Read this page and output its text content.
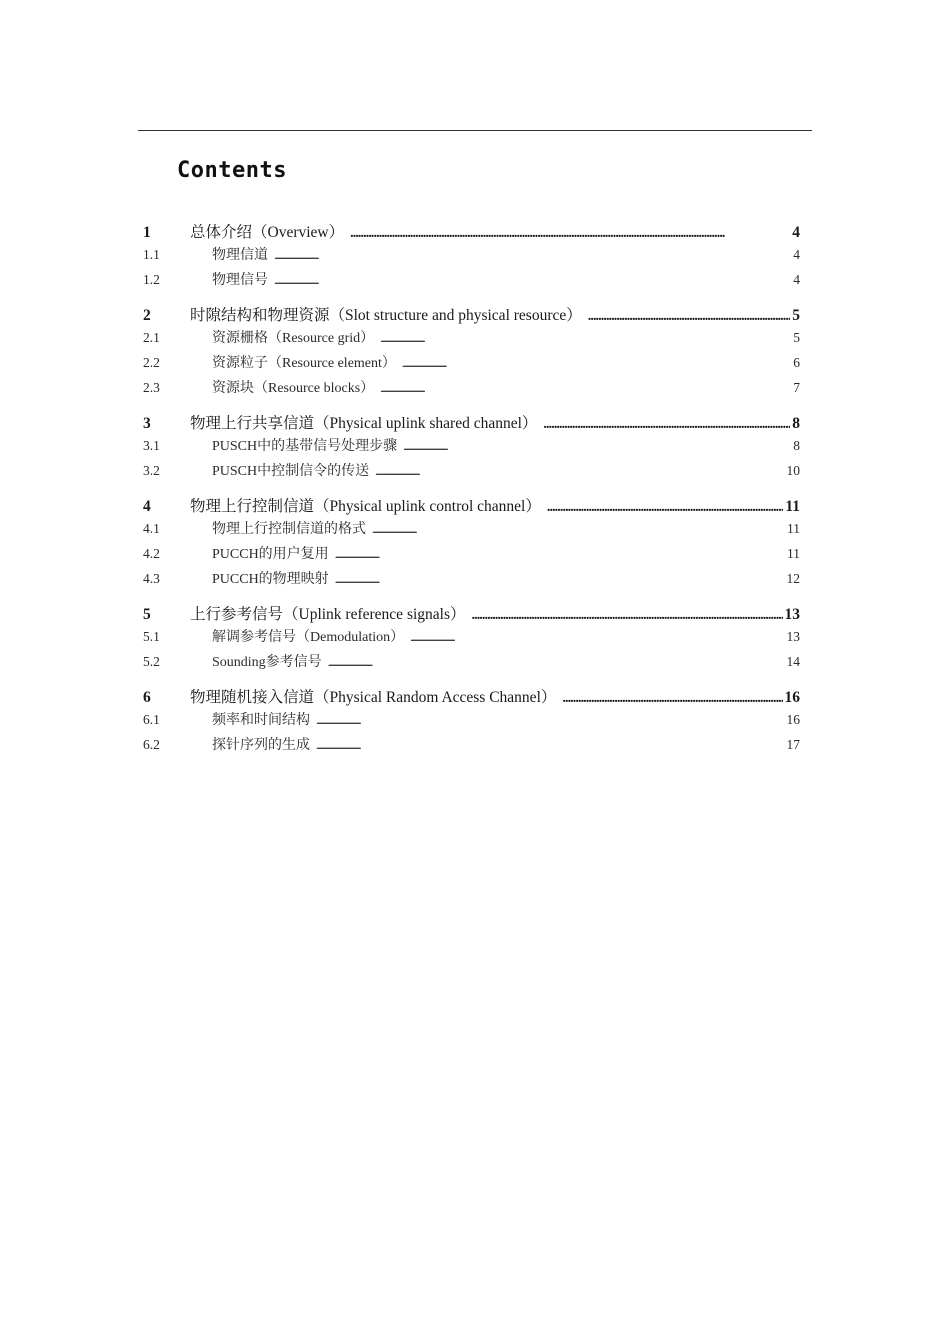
Contents
1	总体介绍（Overview） . . .	4
1.1	物理信道 . . .	4
1.2	物理信号 . . .	4
2	时隙结构和物理资源（Slot structure and physical resource） . . .	5
2.1	资源栅格（Resource grid） . . .	5
2.2	资源粒子（Resource element） . . .	6
2.3	资源块（Resource blocks） . . .	7
3	物理上行共享信道（Physical uplink shared channel） . . .	8
3.1	PUSCH中的基带信号处理步骤 . . .	8
3.2	PUSCH中控制信令的传送 . . .	10
4	物理上行控制信道（Physical uplink control channel） . . .	11
4.1	物理上行控制信道的格式 . . .	11
4.2	PUCCH的用户复用 . . .	11
4.3	PUCCH的物理映射 . . .	12
5	上行参考信号（Uplink reference signals） . . .	13
5.1	解调参考信号（Demodulation） . . .	13
5.2	Sounding参考信号 . . .	14
6	物理随机接入信道（Physical Random Access Channel） . . .	16
6.1	频率和时间结构 . . .	16
6.2	探针序列的生成 . . .	17
